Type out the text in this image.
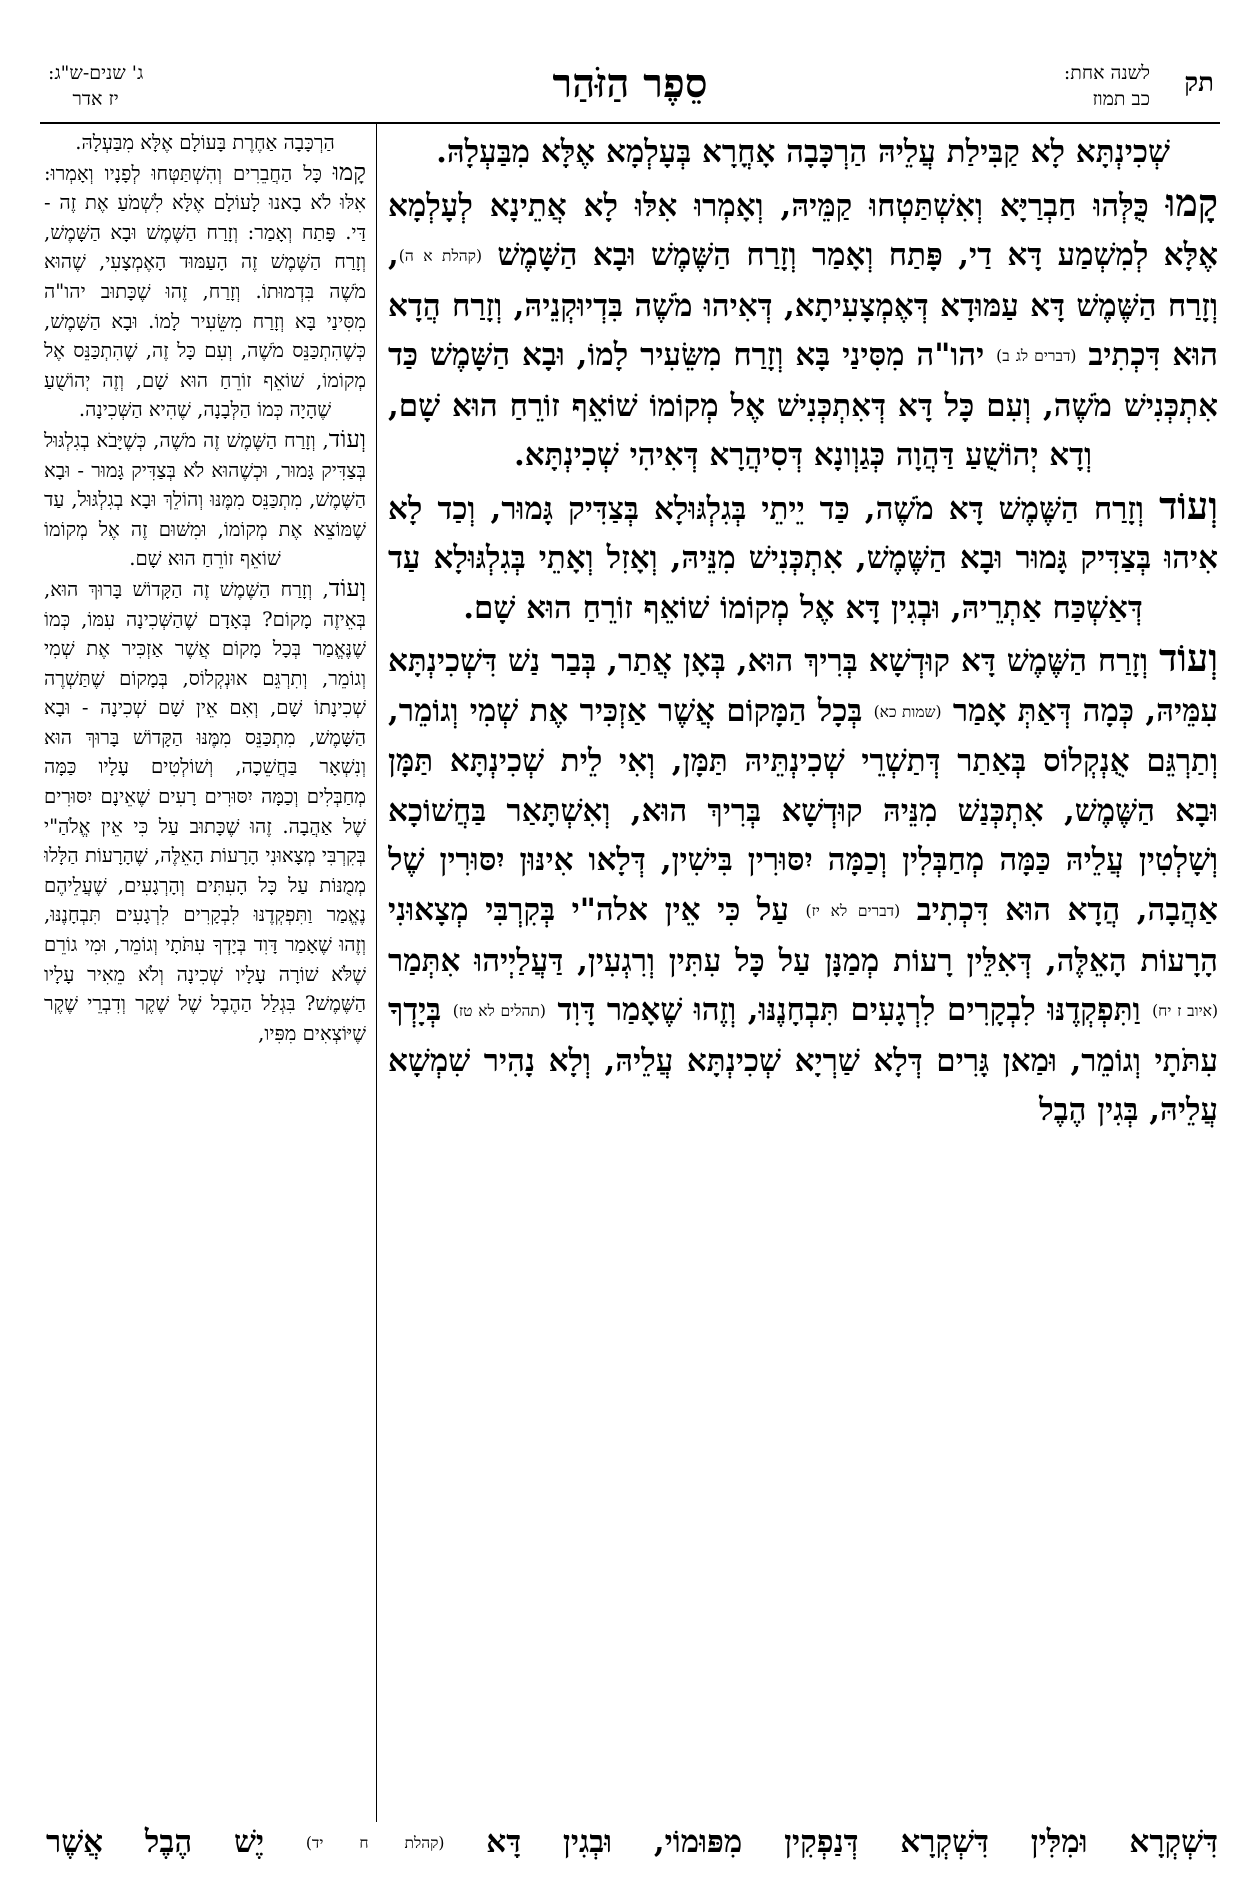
תק
לשנה אחת:
כב תמוז
סֵפֶר הַזֹּהַר
ג' שנים-ש"ג:
יז אדר

שְׁכִינְתָּא לָא קַבִּילַת עֲלֵיהּ הַרְכָּבָה אָחֳרָא בְּעָלְמָא אֶלָּא מִבַּעְלָהּ.

קָמוּ כֻּלְּהוּ חַבְרַיָּא וְאִשְׁתַּטְחוּ קַמֵּיהּ, וְאָמְרוּ אִלּוּ לָא אֲתֵינָא לְעָלְמָא אֶלָּא לְמִשְׁמַע דָּא דַי, פָּתַח וְאָמַר וְזָרַח הַשֶּׁמֶשׁ וּבָא הַשָּׁמֶשׁ (קהלת א ה), וְזָרַח הַשֶּׁמֶשׁ דָּא עַמּוּדָא דְּאֶמְצָעִיתָא, דְּאִיהוּ מֹשֶׁה בִּדְיוּקְנֵיהּ, וְזָרַח הֲדָא הוּא דִּכְתִיב (דברים לג ב) יהו"ה מִסִּינַי בָּא וְזָרַח מִשֵּׂעִיר לָמוֹ, וּבָא הַשָּׁמֶשׁ כַּד אִתְכְּנִישׁ מֹשֶׁה, וְעִם כָּל דָּא דְּאִתְכְּנִישׁ אֶל מְקוֹמוֹ שׁוֹאֵף זוֹרֵחַ הוּא שָׁם, וְדָא יְהוֹשֻׁעַ דַּהֲוָה כְּגַוְונָא דְּסִיהֲרָא דְּאִיהִי שְׁכִינְתָּא.

וְעוֹד וְזָרַח הַשֶּׁמֶשׁ דָּא מֹשֶׁה, כַּד יֵיתֵי בְּגִלְגּוּלָא בְּצַדִּיק גָּמוּר, וְכַד לָא אִיהוּ בְּצַדִּיק גָּמוּר וּבָא הַשֶּׁמֶשׁ, אִתְכְּנִישׁ מִנֵּיהּ, וְאָזִל וְאָתֵי בְּגִלְגּוּלָא עַד דְּאַשְׁכַּח אַתְרֵיהּ, וּבְגִין דָּא אֶל מְקוֹמוֹ שׁוֹאֵף זוֹרֵחַ הוּא שָׁם.

וְעוֹד וְזָרַח הַשֶּׁמֶשׁ דָּא קוּדְשָׁא בְּרִיךְ הוּא, בְּאָן אֲתַר, בְּבַר נַשׁ דִּשְׁכִינְתָּא עִמֵּיהּ, כְּמָה דְּאַתְּ אָמַר (שמות כא) בְּכָל הַמָּקוֹם אֲשֶׁר אַזְכִּיר אֶת שְׁמִי וְגוֹמֵר, וְתַרְגֵּם אֻנְקְלוֹס בְּאַתַר דְּתַשְׁרֵי שְׁכִינְתֵּיהּ תַּמָּן, וְאִי לֵית שְׁכִינְתָּא תַּמָּן וּבָא הַשֶּׁמֶשׁ, אִתְכְּנַשׁ מִנֵּיהּ קוּדְשָׁא בְּרִיךְ הוּא, וְאִשְׁתָּאַר בַּחֲשׁוֹכָא וְשָׁלְטִין עֲלֵיהּ כַּמָּה מְחַבְּלִין וְכַמָּה יִסּוּרִין בִּישִׁין, דְּלָאו אִינּוּן יִסּוּרִין שֶׁל אַהֲבָה, הֲדָא הוּא דִּכְתִיב (דברים לא יז) עַל כִּי אֵין אלה"י בְּקִרְבִּי מְצָאוּנִי הָרָעוֹת הָאֵלֶּה, דְּאִלֵּין רָעוֹת מְמַנָּן עַל כָּל עִתִּין וְרִגְעִין, דַּעֲלַיְיהוּ אִתְּמַר (איוב ז יח) וַתִּפְקְדֶנּוּ לִבְקָרִים לִרְגָעִים תִּבְחָנֶנּוּ, וְזֶהוּ שֶׁאָמַר דָּוִד (תהלים לא טז) בְּיָדְךָ עִתֹּתָי וְגוֹמֵר, וּמַאן גָּרִים דְּלָא שַׁרְיָא שְׁכִינְתָּא עֲלֵיהּ, וְלָא נָהִיר שִׁמְשָׁא עֲלֵיהּ, בְּגִין הֶבֶל

הַרְכָּבָה אַחֶרֶת בָּעוֹלָם אֶלָּא מִבַּעְלָהּ.

קָמוּ כָּל הַחֲבֵרִים וְהִשְׁתַּטְּחוּ לְפָנָיו וְאָמְרוּ: אִלּוּ לֹא בָאנוּ לָעוֹלָם אֶלָּא לִשְׁמֹעַ אֶת זֶה - דַּי. פָּתַח וְאָמַר: וְזָרַח הַשֶּׁמֶשׁ וּבָא הַשָּׁמֶשׁ, וְזָרַח הַשֶּׁמֶשׁ זֶה הָעַמּוּד הָאֶמְצָעִי, שֶׁהוּא מֹשֶׁה בִּדְמוּתוֹ. וְזָרַח, זֶהוּ שֶׁכָּתוּב יהו"ה מִסִּינַי בָּא וְזָרַח מִשֵּׂעִיר לָמוֹ. וּבָא הַשָּׁמֶשׁ, כְּשֶׁהִתְכַּנֵּס מֹשֶׁה, וְעִם כָּל זֶה, שֶׁהִתְכַּנֵּס אֶל מְקוֹמוֹ, שׁוֹאֵף זוֹרֵחַ הוּא שָׁם, וְזֶה יְהוֹשֻׁעַ שֶׁהָיָה כְּמוֹ הַלְּבָנָה, שֶׁהִיא הַשְּׁכִינָה.

וְעוֹד, וְזָרַח הַשֶּׁמֶשׁ זֶה מֹשֶׁה, כְּשֶׁיָּבֹא בְגִלְגּוּל בְּצַדִּיק גָּמוּר, וּכְשֶׁהוּא לֹא בְּצַדִּיק גָּמוּר - וּבָא הַשֶּׁמֶשׁ, מִתְכַּנֵּס מִמֶּנּוּ וְהוֹלֵךְ וּבָא בְגִלְגּוּל, עַד שֶׁמּוֹצֵא אֶת מְקוֹמוֹ, וּמִשּׁוּם זֶה אֶל מְקוֹמוֹ שׁוֹאֵף זוֹרֵחַ הוּא שָׁם.

וְעוֹד, וְזָרַח הַשֶּׁמֶשׁ זֶה הַקָּדוֹשׁ בָּרוּךְ הוּא, בְּאֵיזֶה מָקוֹם? בְּאָדָם שֶׁהַשְּׁכִינָה עִמּוֹ, כְּמוֹ שֶׁנֶּאֱמַר בְּכָל מָקוֹם אֲשֶׁר אַזְכִּיר אֶת שְׁמִי וְגוֹמֵר, וְתִרְגֵּם אוּנְקְלוֹס, בְּמָקוֹם שֶׁתַּשְׁרֶה שְׁכִינָתוֹ שָׁם, וְאִם אֵין שָׁם שְׁכִינָה - וּבָא הַשָּׁמֶשׁ, מִתְכַּנֵּס מִמֶּנּוּ הַקָּדוֹשׁ בָּרוּךְ הוּא וְנִשְׁאָר בַּחֲשֵׁכָה, וְשׁוֹלְטִים עָלָיו כַּמָּה מְחַבְּלִים וְכַמָּה יִסּוּרִים רָעִים שֶׁאֵינָם יִסּוּרִים שֶׁל אַהֲבָה. זֶהוּ שֶׁכָּתוּב עַל כִּי אֵין אֱלֹהַ"י בְּקִרְבִּי מְצָאוּנִי הָרָעוֹת הָאֵלֶּה, שֶׁהָרָעוֹת הַלָּלוּ מְמֻנּוֹת עַל כָּל הָעִתִּים וְהָרְגָעִים, שֶׁעֲלֵיהֶם נֶאֱמַר וַתִּפְקְדֶנּוּ לִבְקָרִים לִרְגָעִים תִּבְחָנֶנּוּ, וְזֶהוּ שֶׁאָמַר דָּוִד בְּיָדְךָ עִתֹּתָי וְגוֹמֵר, וּמִי גוֹרֵם שֶׁלֹּא שׁוֹרָה עָלָיו שְׁכִינָה וְלֹא מֵאִיר עָלָיו הַשֶּׁמֶשׁ? בִּגְלַל הַהֶבֶל שֶׁל שֶׁקֶר וְדִבְרֵי שֶׁקֶר שֶׁיּוֹצְאִים מִפִּיו,

דִּשְׁקְרָא וּמִלִּין דִּשְׁקְרָא דְּנַפְקִין מִפּוּמוֹי, וּבְגִין דָּא (קהלת ח יד) יֶשׁ הֶבֶל אֲשֶׁר
